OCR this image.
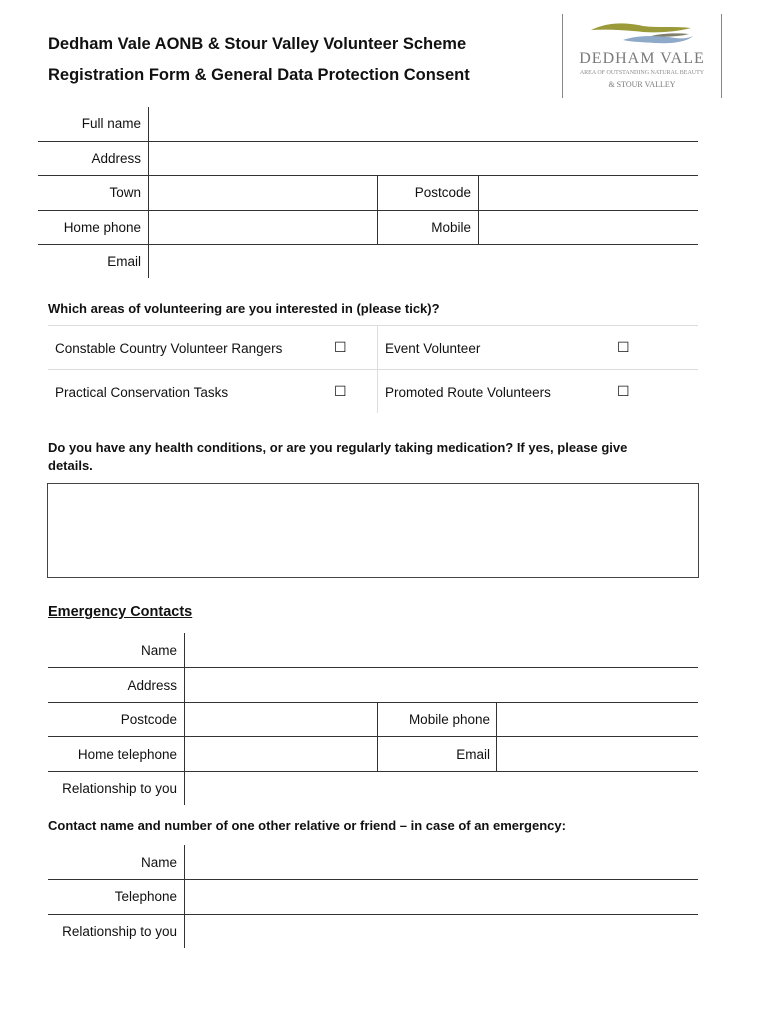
Dedham Vale AONB & Stour Valley Volunteer Scheme
Registration Form & General Data Protection Consent
DEDHAM VALE
AREA OF OUTSTANDING NATURAL BEAUTY
& STOUR VALLEY
Full name
Address
Town	Postcode
Home phone	Mobile
Email
Which areas of volunteering are you interested in (please tick)?
Constable Country Volunteer Rangers	☐	Event Volunteer	☐
Practical Conservation Tasks	☐	Promoted Route Volunteers	☐
Do you have any health conditions, or are you regularly taking medication? If yes, please give
details.
Emergency Contacts
Name
Address
Postcode	Mobile phone
Home telephone	Email
Relationship to you
Contact name and number of one other relative or friend – in case of an emergency:
Name
Telephone
Relationship to you
